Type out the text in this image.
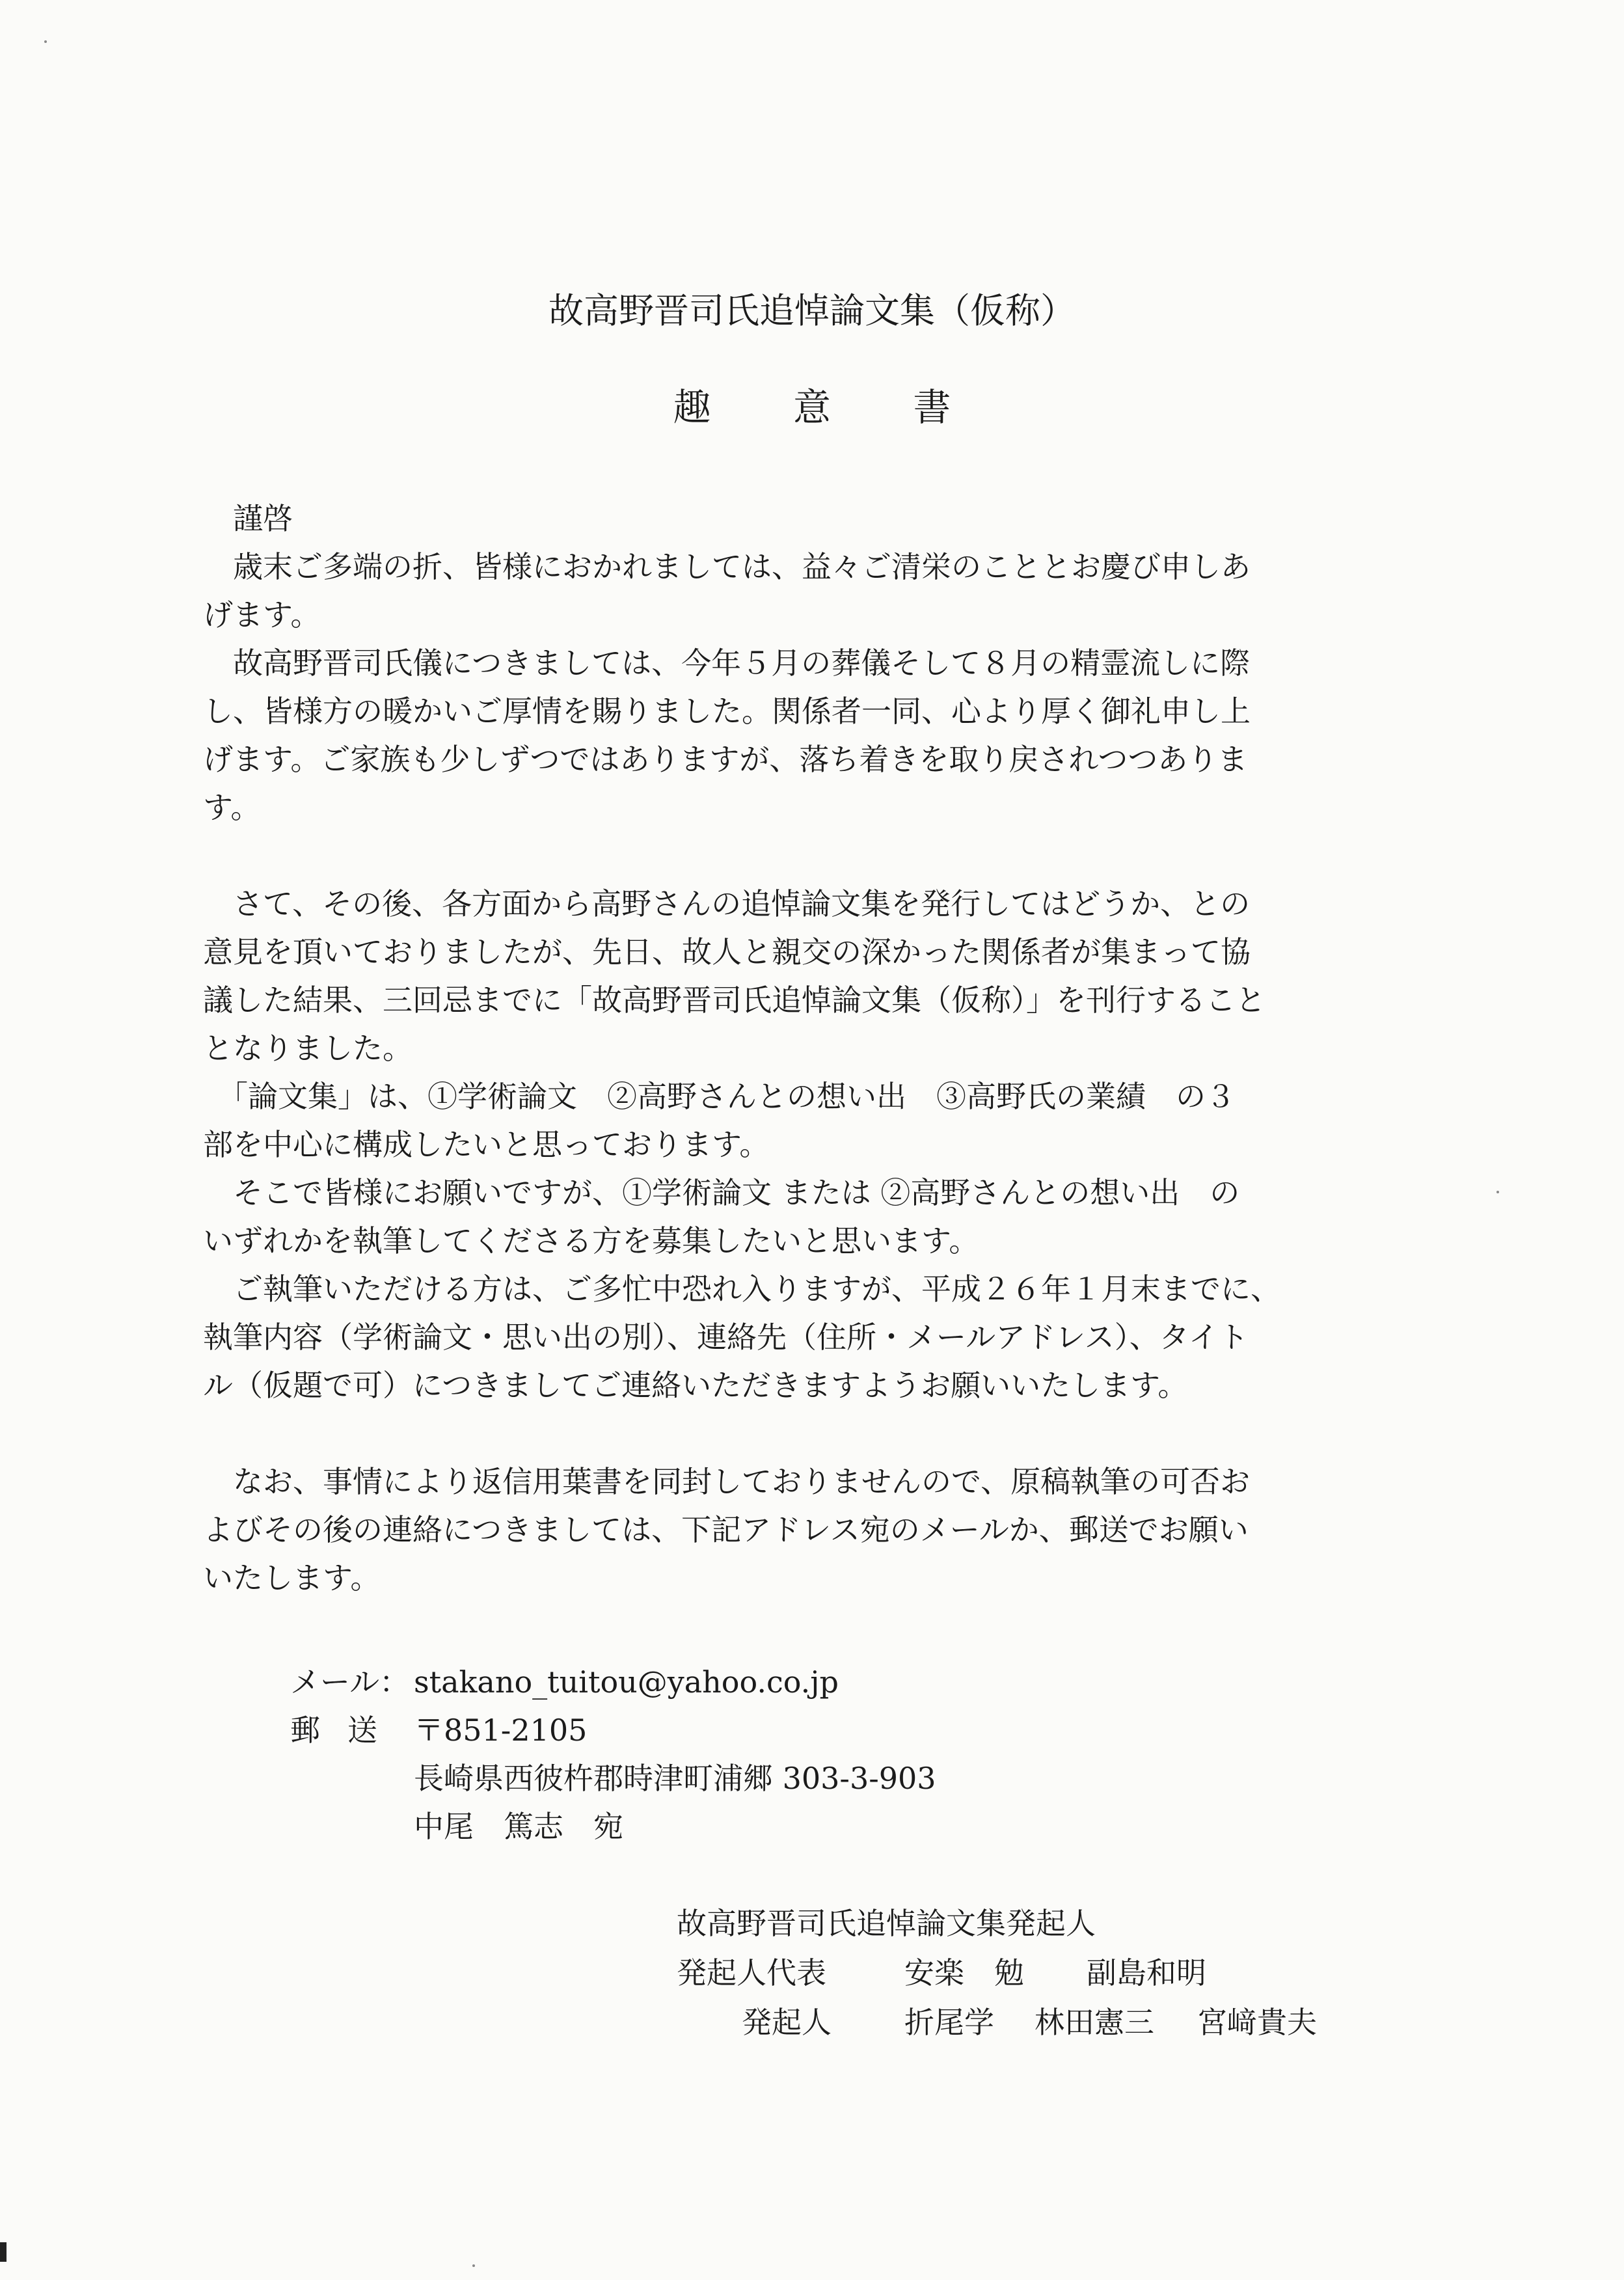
故高野晋司氏追悼論文集（仮称）
趣 意 書

謹啓

　歳末ご多端の折、皆様におかれましては、益々ご清栄のこととお慶び申しあ

げます。

　故高野晋司氏儀につきましては、今年５月の葬儀そして８月の精霊流しに際

し、皆様方の暖かいご厚情を賜りました。関係者一同、心より厚く御礼申し上

げます。ご家族も少しずつではありますが、落ち着きを取り戻されつつありま

す。

　さて、その後、各方面から高野さんの追悼論文集を発行してはどうか、との

意見を頂いておりましたが、先日、故人と親交の深かった関係者が集まって協

議した結果、三回忌までに「故高野晋司氏追悼論文集（仮称）」を刊行すること

となりました。

　「論文集」は、①学術論文　②高野さんとの想い出　③高野氏の業績　の３

部を中心に構成したいと思っております。

　そこで皆様にお願いですが、①学術論文 または ②高野さんとの想い出　の

いずれかを執筆してくださる方を募集したいと思います。

　ご執筆いただける方は、ご多忙中恐れ入りますが、平成２６年１月末までに、

執筆内容（学術論文・思い出の別）、連絡先（住所・メールアドレス）、タイト

ル（仮題で可）につきましてご連絡いただきますようお願いいたします。

　なお、事情により返信用葉書を同封しておりませんので、原稿執筆の可否お

よびその後の連絡につきましては、下記アドレス宛のメールか、郵送でお願い

いたします。

メール： stakano_tuitou@yahoo.co.jp
郵送 〒851-2105
長崎県西彼杵郡時津町浦郷 303-3-903
中尾　篤志　宛
故高野晋司氏追悼論文集発起人
発起人代表	安楽　勉	副島和明
発起人	折尾学	林田憲三	宮﨑貴夫
